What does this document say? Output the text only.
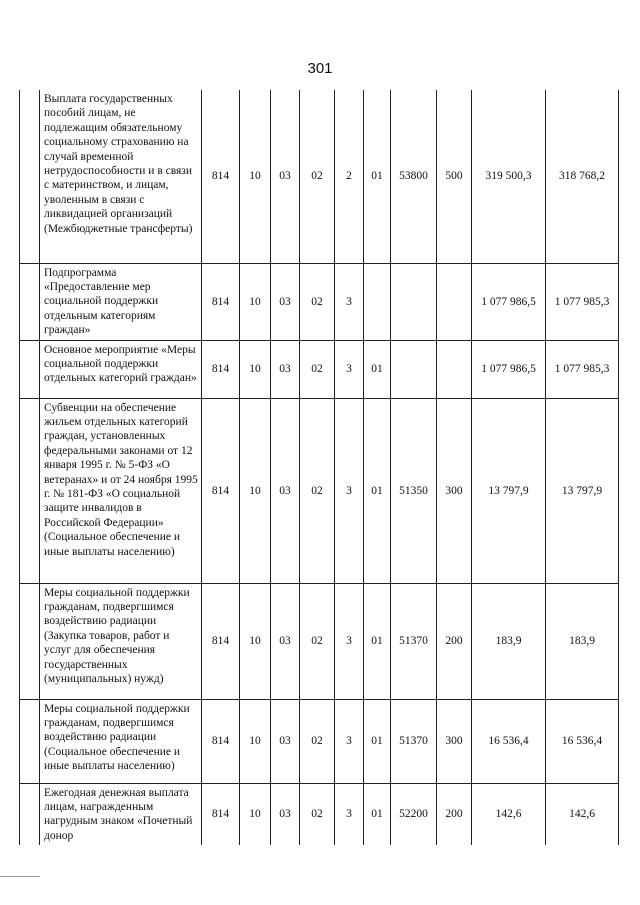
301
	Выплата государственных пособий лицам, не подлежащим обязательному социальному страхованию на случай временной нетрудоспособности и в связи с материнством, и лицам, уволенным в связи с ликвидацией организаций (Межбюджетные трансферты)	814	10	03	02	2	01	53800	500	319 500,3	318 768,2
	Подпрограмма «Предоставление мер социальной поддержки отдельным категориям граждан»	814	10	03	02	3				1 077 986,5	1 077 985,3
	Основное мероприятие «Меры социальной поддержки отдельных категорий граждан»	814	10	03	02	3	01			1 077 986,5	1 077 985,3
	Субвенции на обеспечение жильем отдельных категорий граждан, установленных федеральными законами от 12 января 1995 г. № 5-ФЗ «О ветеранах» и от 24 ноября 1995 г. № 181-ФЗ «О социальной защите инвалидов в Российской Федерации» (Социальное обеспечение и иные выплаты населению)	814	10	03	02	3	01	51350	300	13 797,9	13 797,9
	Меры социальной поддержки гражданам, подвергшимся воздействию радиации (Закупка товаров, работ и услуг для обеспечения государственных (муниципальных) нужд)	814	10	03	02	3	01	51370	200	183,9	183,9
	Меры социальной поддержки гражданам, подвергшимся воздействию радиации (Социальное обеспечение и иные выплаты населению)	814	10	03	02	3	01	51370	300	16 536,4	16 536,4
	Ежегодная денежная выплата лицам, награжденным нагрудным знаком «Почетный донор	814	10	03	02	3	01	52200	200	142,6	142,6
